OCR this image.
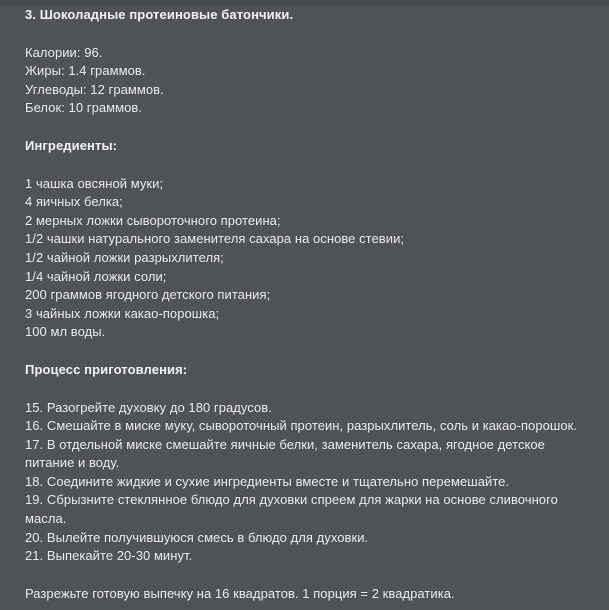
3. Шоколадные протеиновые батончики.
Калории: 96.
Жиры: 1.4 граммов.
Углеводы: 12 граммов.
Белок: 10 граммов.
Ингредиенты:
1 чашка овсяной муки;
4 яичных белка;
2 мерных ложки сывороточного протеина;
1/2 чашки натурального заменителя сахара на основе стевии;
1/2 чайной ложки разрыхлителя;
1/4 чайной ложки соли;
200 граммов ягодного детского питания;
3 чайных ложки какао-порошка;
100 мл воды.
Процесс приготовления:
15. Разогрейте духовку до 180 градусов.
16. Смешайте в миске муку, сывороточный протеин, разрыхлитель, соль и какао-порошок.
17. В отдельной миске смешайте яичные белки, заменитель сахара, ягодное детское питание и воду.
18. Соедините жидкие и сухие ингредиенты вместе и тщательно перемешайте.
19. Сбрызните стеклянное блюдо для духовки спреем для жарки на основе сливочного масла.
20. Вылейте получившуюся смесь в блюдо для духовки.
21. Выпекайте 20-30 минут.
Разрежьте готовую выпечку на 16 квадратов. 1 порция = 2 квадратика.
